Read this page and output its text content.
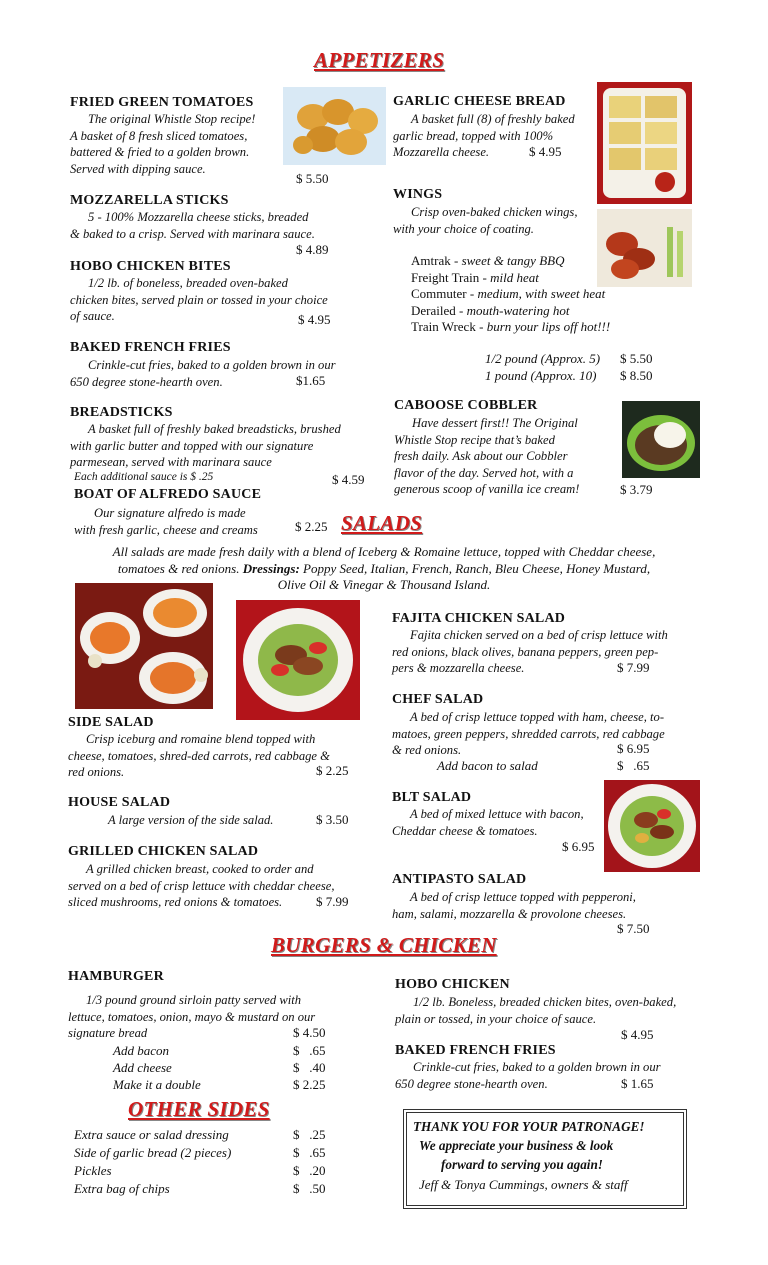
APPETIZERS
FRIED GREEN TOMATOES
The original Whistle Stop recipe!
A basket of 8 fresh sliced tomatoes,
battered & fried to a golden brown.
Served with dipping sauce.
$ 5.50
MOZZARELLA STICKS
5 - 100% Mozzarella cheese sticks, breaded
& baked to a crisp. Served with marinara sauce.
$ 4.89
HOBO CHICKEN BITES
1/2 lb. of boneless, breaded oven-baked
chicken bites, served plain or tossed in your choice
of sauce.	$ 4.95
BAKED FRENCH FRIES
Crinkle-cut fries, baked to a golden brown in our
650 degree stone-hearth oven.	$1.65
BREADSTICKS
A basket full of freshly baked breadsticks, brushed
with garlic butter and topped with our signature
parmesean, served with marinara sauce
Each additional sauce is $ .25	$ 4.59
BOAT OF ALFREDO SAUCE
Our signature alfredo is made
with fresh garlic, cheese and creams	$ 2.25
GARLIC CHEESE BREAD
A basket full (8) of freshly baked
garlic bread, topped with 100%
Mozzarella cheese.	$ 4.95
WINGS
Crisp oven-baked chicken wings,
with your choice of coating.
Amtrak - sweet & tangy BBQ
Freight Train - mild heat
Commuter - medium, with sweet heat
Derailed - mouth-watering hot
Train Wreck - burn your lips off hot!!!
1/2 pound (Approx. 5) $ 5.50
1 pound (Approx. 10) $ 8.50
CABOOSE COBBLER
Have dessert first!! The Original
Whistle Stop recipe that’s baked
fresh daily. Ask about our Cobbler
flavor of the day. Served hot, with a
generous scoop of vanilla ice cream!	$ 3.79
SALADS
All salads are made fresh daily with a blend of Iceberg & Romaine lettuce, topped with Cheddar cheese,
tomatoes & red onions. Dressings: Poppy Seed, Italian, French, Ranch, Bleu Cheese, Honey Mustard,
Olive Oil & Vinegar & Thousand Island.
SIDE SALAD
Crisp iceburg and romaine blend topped with
cheese, tomatoes, shred-ded carrots, red cabbage &
red onions.	$ 2.25
HOUSE SALAD
A large version of the side salad.	$ 3.50
GRILLED CHICKEN SALAD
A grilled chicken breast, cooked to order and
served on a bed of crisp lettuce with cheddar cheese,
sliced mushrooms, red onions & tomatoes.	$ 7.99
FAJITA CHICKEN SALAD
Fajita chicken served on a bed of crisp lettuce with
red onions, black olives, banana peppers, green pep-
pers & mozzarella cheese.	$ 7.99
CHEF SALAD
A bed of crisp lettuce topped with ham, cheese, to-
matoes, green peppers, shredded carrots, red cabbage
& red onions.	$ 6.95
Add bacon to salad	$   .65
BLT SALAD
A bed of mixed lettuce with bacon,
Cheddar cheese & tomatoes.
$ 6.95
ANTIPASTO SALAD
A bed of crisp lettuce topped with pepperoni,
ham, salami, mozzarella & provolone cheeses.
$ 7.50
BURGERS & CHICKEN
HAMBURGER
1/3 pound ground sirloin patty served with
lettuce, tomatoes, onion, mayo & mustard on our
signature bread	$ 4.50
Add bacon	$   .65
Add cheese	$   .40
Make it a double	$ 2.25
HOBO CHICKEN
1/2 lb. Boneless, breaded chicken bites, oven-baked,
plain or tossed, in your choice of sauce.
$ 4.95
BAKED FRENCH FRIES
Crinkle-cut fries, baked to a golden brown in our
650 degree stone-hearth oven.	$ 1.65
OTHER SIDES
Extra sauce or salad dressing	$   .25
Side of garlic bread (2 pieces)	$   .65
Pickles	$   .20
Extra bag of chips	$   .50
THANK YOU FOR YOUR PATRONAGE!
We appreciate your business & look
forward to serving you again!
Jeff & Tonya Cummings, owners & staff
